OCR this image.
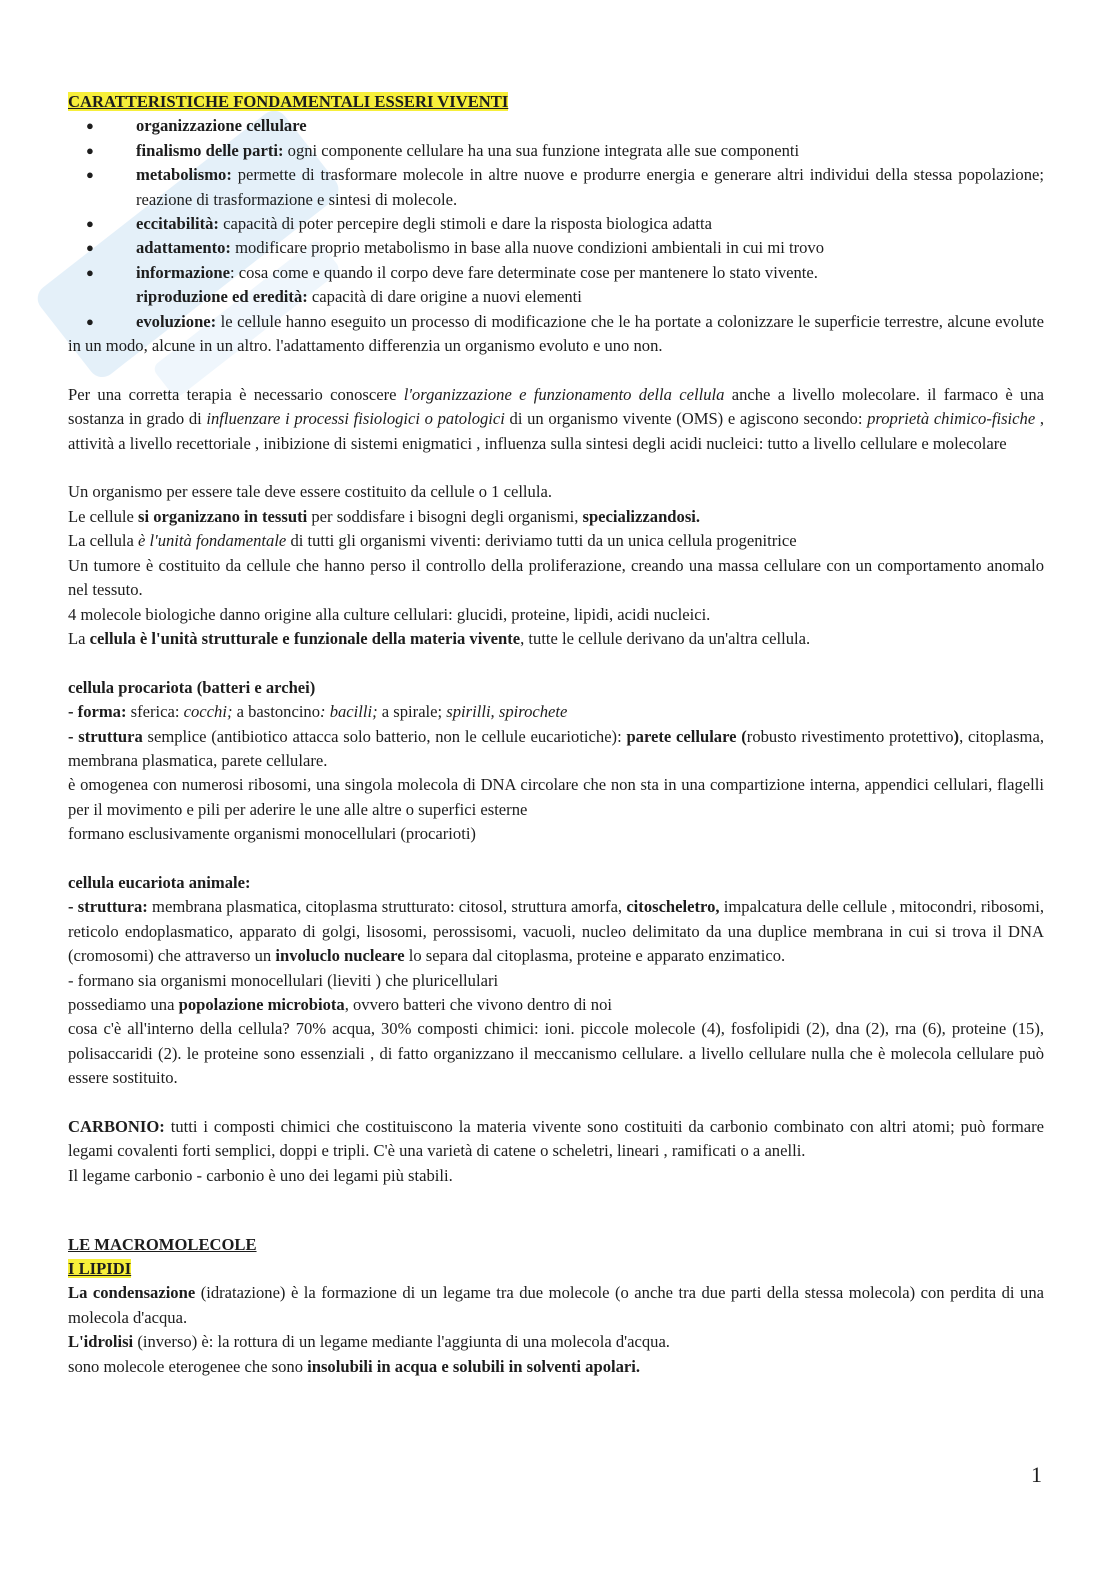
CARATTERISTICHE FONDAMENTALI ESSERI VIVENTI
●	organizzazione cellulare
●	finalismo delle parti: ogni componente cellulare ha una sua funzione integrata alle sue componenti
●	metabolismo: permette di trasformare molecole in altre nuove e produrre energia e generare altri individui della stessa popolazione; reazione di trasformazione e sintesi di molecole.
●	eccitabilità: capacità di poter percepire degli stimoli e dare la risposta biologica adatta
●	adattamento: modificare proprio metabolismo in base alla nuove condizioni ambientali in cui mi trovo
●	informazione: cosa come e quando il corpo deve fare determinate cose per mantenere lo stato vivente.
riproduzione ed eredità: capacità di dare origine a nuovi elementi
●	evoluzione: le cellule hanno eseguito un processo di modificazione che le ha portate a colonizzare le superficie terrestre, alcune evolute in un modo, alcune in un altro. l'adattamento differenzia un organismo evoluto e uno non.

Per una corretta terapia è necessario conoscere l'organizzazione e funzionamento della cellula anche a livello molecolare. il farmaco è una sostanza in grado di influenzare i processi fisiologici o patologici di un organismo vivente (OMS) e agiscono secondo: proprietà chimico-fisiche , attività a livello recettoriale , inibizione di sistemi enigmatici , influenza sulla sintesi degli acidi nucleici: tutto a livello cellulare e molecolare

Un organismo per essere tale deve essere costituito da cellule o 1 cellula.

Le cellule si organizzano in tessuti per soddisfare i bisogni degli organismi, specializzandosi.

La cellula è l'unità fondamentale di tutti gli organismi viventi: deriviamo tutti da un unica cellula progenitrice

Un tumore è costituito da cellule che hanno perso il controllo della proliferazione, creando una massa cellulare con un comportamento anomalo nel tessuto.

4 molecole biologiche danno origine alla culture cellulari: glucidi, proteine, lipidi, acidi nucleici.

La cellula è l'unità strutturale e funzionale della materia vivente, tutte le cellule derivano da un'altra cellula.

cellula procariota (batteri e archei)

- forma: sferica: cocchi; a bastoncino: bacilli; a spirale; spirilli, spirochete

- struttura semplice (antibiotico attacca solo batterio, non le cellule eucariotiche): parete cellulare (robusto rivestimento protettivo), citoplasma, membrana plasmatica, parete cellulare.

è omogenea con numerosi ribosomi, una singola molecola di DNA circolare che non sta in una compartizione interna, appendici cellulari, flagelli per il movimento e pili per aderire le une alle altre o superfici esterne

formano esclusivamente organismi monocellulari (procarioti)

cellula eucariota animale:

- struttura: membrana plasmatica, citoplasma strutturato: citosol, struttura amorfa, citoscheletro, impalcatura delle cellule , mitocondri, ribosomi, reticolo endoplasmatico, apparato di golgi, lisosomi, perossisomi, vacuoli, nucleo delimitato da una duplice membrana in cui si trova il DNA (cromosomi) che attraverso un involuclo nucleare lo separa dal citoplasma, proteine e apparato enzimatico.

- formano sia organismi monocellulari (lieviti ) che pluricellulari

possediamo una popolazione microbiota, ovvero batteri che vivono dentro di noi

cosa c'è all'interno della cellula? 70% acqua, 30% composti chimici: ioni. piccole molecole (4), fosfolipidi (2), dna (2), rna (6), proteine (15), polisaccaridi (2). le proteine sono essenziali , di fatto organizzano il meccanismo cellulare. a livello cellulare nulla che è molecola cellulare può essere sostituito.

CARBONIO: tutti i composti chimici che costituiscono la materia vivente sono costituiti da carbonio combinato con altri atomi; può formare legami covalenti forti semplici, doppi e tripli. C'è una varietà di catene o scheletri, lineari , ramificati o a anelli.

Il legame carbonio - carbonio è uno dei legami più stabili.

LE MACROMOLECOLE

I LIPIDI

La condensazione (idratazione) è la formazione di un legame tra due molecole (o anche tra due parti della stessa molecola) con perdita di una molecola d'acqua.

L'idrolisi (inverso) è: la rottura di un legame mediante l'aggiunta di una molecola d'acqua.

sono molecole eterogenee che sono insolubili in acqua e solubili in solventi apolari.

1
